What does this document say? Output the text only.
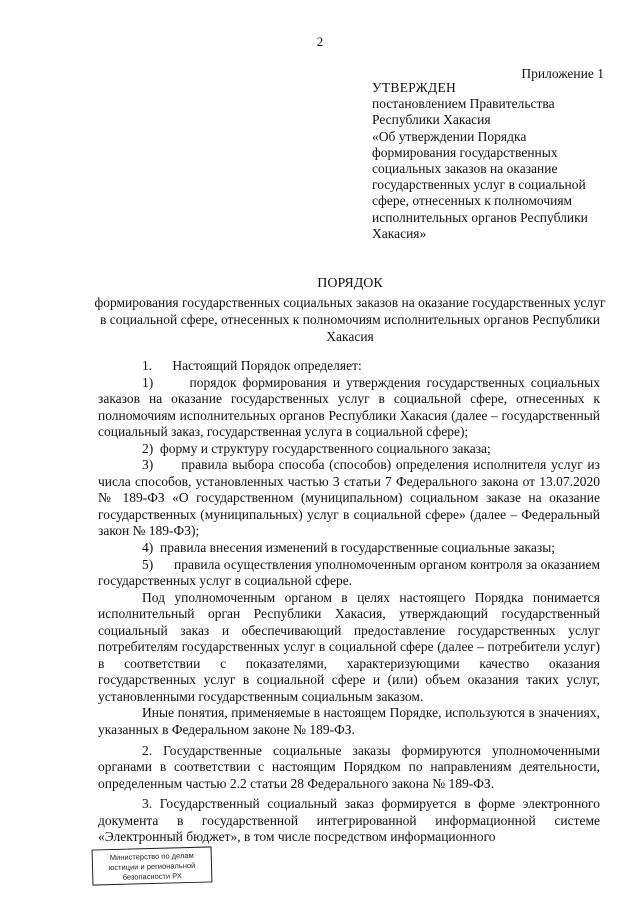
2
Приложение 1
УТВЕРЖДЕН
постановлением Правительства
Республики Хакасия
«Об утверждении Порядка
формирования государственных
социальных заказов на оказание
государственных услуг в социальной
сфере, отнесенных к полномочиям
исполнительных органов Республики
Хакасия»
ПОРЯДОК
формирования государственных социальных заказов на оказание государственных услуг в социальной сфере, отнесенных к полномочиям исполнительных органов Республики Хакасия

1.      Настоящий Порядок определяет:

1)      порядок формирования и утверждения государственных социальных заказов на оказание государственных услуг в социальной сфере, отнесенных к полномочиям исполнительных органов Республики Хакасия (далее – государственный социальный заказ, государственная услуга в социальной сфере);

2)  форму и структуру государственного социального заказа;

3)      правила выбора способа (способов) определения исполнителя услуг из числа способов, установленных частью 3 статьи 7 Федерального закона от 13.07.2020 № 189-ФЗ «О государственном (муниципальном) социальном заказе на оказание государственных (муниципальных) услуг в социальной сфере» (далее – Федеральный закон № 189-ФЗ);

4)  правила внесения изменений в государственные социальные заказы;

5)      правила осуществления уполномоченным органом контроля за оказанием государственных услуг в социальной сфере.

Под уполномоченным органом в целях настоящего Порядка понимается исполнительный орган Республики Хакасия, утверждающий государственный социальный заказ и обеспечивающий предоставление государственных услуг потребителям государственных услуг в социальной сфере (далее – потребители услуг) в соответствии с показателями, характеризующими качество оказания государственных услуг в социальной сфере и (или) объем оказания таких услуг, установленными государственным социальным заказом.

Иные понятия, применяемые в настоящем Порядке, используются в значениях, указанных в Федеральном законе № 189-ФЗ.

2. Государственные социальные заказы формируются уполномоченными органами в соответствии с настоящим Порядком по направлениям деятельности, определенным частью 2.2 статьи 28 Федерального закона № 189-ФЗ.

3. Государственный социальный заказ формируется в форме электронного документа в государственной интегрированной информационной системе «Электронный бюджет», в том числе посредством информационного

Министерство по делам
юстиции и региональной
безопасности РХ
